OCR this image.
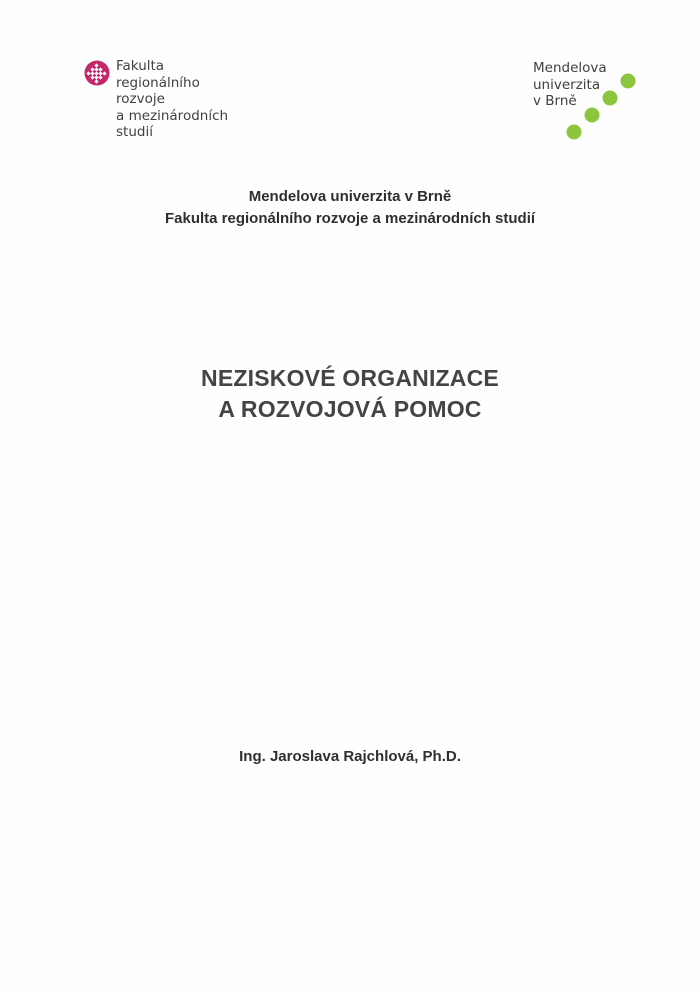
Fakulta
regionálního
rozvoje
a mezinárodních
studií
Mendelova
univerzita
v Brně
Mendelova univerzita v Brně
Fakulta regionálního rozvoje a mezinárodních studií
NEZISKOVÉ ORGANIZACE
A ROZVOJOVÁ POMOC
Ing. Jaroslava Rajchlová, Ph.D.
